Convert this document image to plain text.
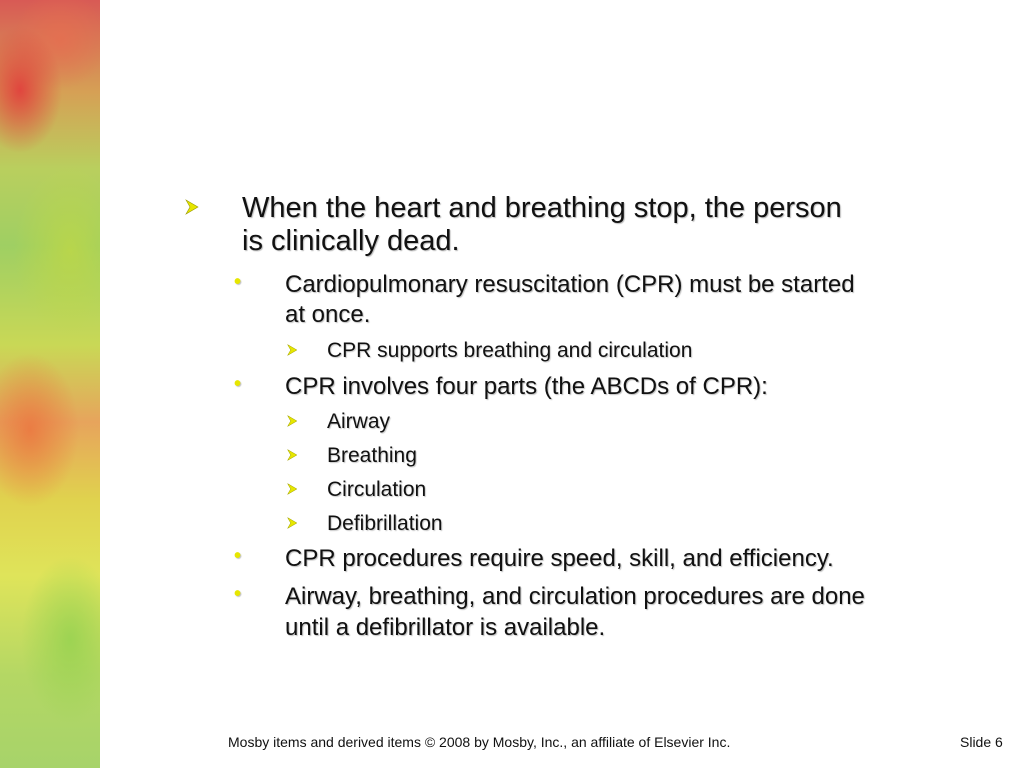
When the heart and breathing stop, the person
is clinically dead.
• Cardiopulmonary resuscitation (CPR) must be started
at once.
CPR supports breathing and circulation
• CPR involves four parts (the ABCDs of CPR):
Airway
Breathing
Circulation
Defibrillation
• CPR procedures require speed, skill, and efficiency.
• Airway, breathing, and circulation procedures are done
until a defibrillator is available.
Mosby items and derived items © 2008 by Mosby, Inc., an affiliate of Elsevier Inc.	Slide 6
